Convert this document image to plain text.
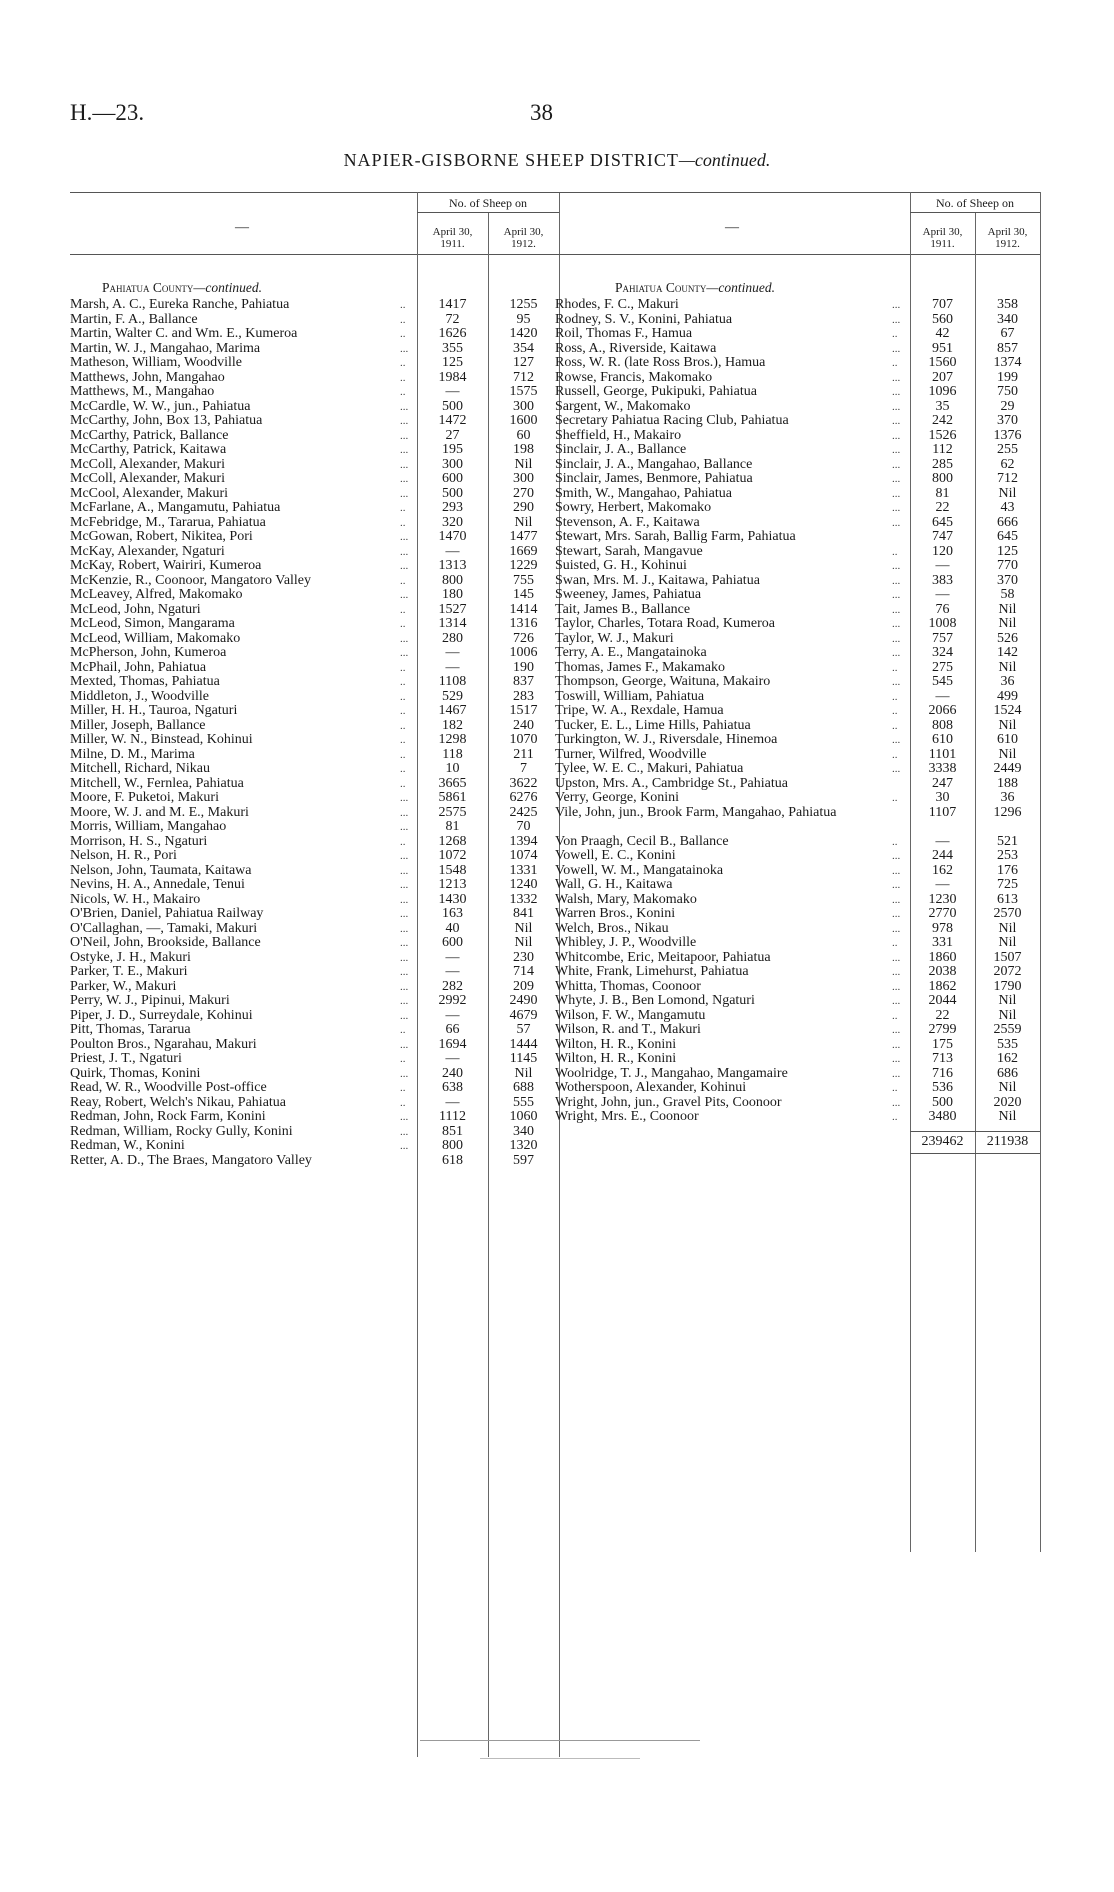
H.—23.	38
NAPIER-GISBORNE SHEEP DISTRICT—continued.
—
No. of Sheep on
April 30,
1911.
April 30,
1912.
Pahiatua County—continued.
Marsh, A. C., Eureka Ranche, Pahiatua	..	1417	1255
Martin, F. A., Ballance	..	72	95
Martin, Walter C. and Wm. E., Kumeroa	..	1626	1420
Martin, W. J., Mangahao, Marima	...	355	354
Matheson, William, Woodville	..	125	127
Matthews, John, Mangahao	..	1984	712
Matthews, M., Mangahao	..	—	1575
McCardle, W. W., jun., Pahiatua	...	500	300
McCarthy, John, Box 13, Pahiatua	...	1472	1600
McCarthy, Patrick, Ballance	...	27	60
McCarthy, Patrick, Kaitawa	...	195	198
McColl, Alexander, Makuri	...	300	Nil
McColl, Alexander, Makuri	...	600	300
McCool, Alexander, Makuri	...	500	270
McFarlane, A., Mangamutu, Pahiatua	..	293	290
McFebridge, M., Tararua, Pahiatua	..	320	Nil
McGowan, Robert, Nikitea, Pori	...	1470	1477
McKay, Alexander, Ngaturi	...	—	1669
McKay, Robert, Wairiri, Kumeroa	...	1313	1229
McKenzie, R., Coonoor, Mangatoro Valley	..	800	755
McLeavey, Alfred, Makomako	...	180	145
McLeod, John, Ngaturi	..	1527	1414
McLeod, Simon, Mangarama	..	1314	1316
McLeod, William, Makomako	...	280	726
McPherson, John, Kumeroa	...	—	1006
McPhail, John, Pahiatua	..	—	190
Mexted, Thomas, Pahiatua	..	1108	837
Middleton, J., Woodville	..	529	283
Miller, H. H., Tauroa, Ngaturi	..	1467	1517
Miller, Joseph, Ballance	..	182	240
Miller, W. N., Binstead, Kohinui	..	1298	1070
Milne, D. M., Marima	..	118	211
Mitchell, Richard, Nikau	..	10	7
Mitchell, W., Fernlea, Pahiatua	..	3665	3622
Moore, F. Puketoi, Makuri	...	5861	6276
Moore, W. J. and M. E., Makuri	...	2575	2425
Morris, William, Mangahao	...	81	70
Morrison, H. S., Ngaturi	..	1268	1394
Nelson, H. R., Pori	...	1072	1074
Nelson, John, Taumata, Kaitawa	...	1548	1331
Nevins, H. A., Annedale, Tenui	...	1213	1240
Nicols, W. H., Makairo	...	1430	1332
O'Brien, Daniel, Pahiatua Railway	...	163	841
O'Callaghan, —, Tamaki, Makuri	...	40	Nil
O'Neil, John, Brookside, Ballance	...	600	Nil
Ostyke, J. H., Makuri	...	—	230
Parker, T. E., Makuri	...	—	714
Parker, W., Makuri	...	282	209
Perry, W. J., Pipinui, Makuri	...	2992	2490
Piper, J. D., Surreydale, Kohinui	...	—	4679
Pitt, Thomas, Tararua	..	66	57
Poulton Bros., Ngarahau, Makuri	...	1694	1444
Priest, J. T., Ngaturi	..	—	1145
Quirk, Thomas, Konini	...	240	Nil
Read, W. R., Woodville Post-office	..	638	688
Reay, Robert, Welch's Nikau, Pahiatua	..	—	555
Redman, John, Rock Farm, Konini	...	1112	1060
Redman, William, Rocky Gully, Konini	...	851	340
Redman, W., Konini	...	800	1320
Retter, A. D., The Braes, Mangatoro Valley	618	597
—
No. of Sheep on
April 30,
1911.
April 30,
1912.
Pahiatua County—continued.
Rhodes, F. C., Makuri	...	707	358
Rodney, S. V., Konini, Pahiatua	...	560	340
Roil, Thomas F., Hamua	..	42	67
Ross, A., Riverside, Kaitawa	...	951	857
Ross, W. R. (late Ross Bros.), Hamua	..	1560	1374
Rowse, Francis, Makomako	...	207	199
Russell, George, Pukipuki, Pahiatua	...	1096	750
Sargent, W., Makomako	...	35	29
Secretary Pahiatua Racing Club, Pahiatua	...	242	370
Sheffield, H., Makairo	...	1526	1376
Sinclair, J. A., Ballance	...	112	255
Sinclair, J. A., Mangahao, Ballance	...	285	62
Sinclair, James, Benmore, Pahiatua	...	800	712
Smith, W., Mangahao, Pahiatua	...	81	Nil
Sowry, Herbert, Makomako	...	22	43
Stevenson, A. F., Kaitawa	...	645	666
Stewart, Mrs. Sarah, Ballig Farm, Pahiatua	747	645
Stewart, Sarah, Mangavue	..	120	125
Suisted, G. H., Kohinui	...	—	770
Swan, Mrs. M. J., Kaitawa, Pahiatua	...	383	370
Sweeney, James, Pahiatua	...	—	58
Tait, James B., Ballance	...	76	Nil
Taylor, Charles, Totara Road, Kumeroa	...	1008	Nil
Taylor, W. J., Makuri	...	757	526
Terry, A. E., Mangatainoka	...	324	142
Thomas, James F., Makamako	..	275	Nil
Thompson, George, Waituna, Makairo	...	545	36
Toswill, William, Pahiatua	..	—	499
Tripe, W. A., Rexdale, Hamua	..	2066	1524
Tucker, E. L., Lime Hills, Pahiatua	..	808	Nil
Turkington, W. J., Riversdale, Hinemoa	...	610	610
Turner, Wilfred, Woodville	..	1101	Nil
Tylee, W. E. C., Makuri, Pahiatua	...	3338	2449
Upston, Mrs. A., Cambridge St., Pahiatua	247	188
Verry, George, Konini	..	30	36
Vile, John, jun., Brook Farm, Mangahao, Pahiatua	1107	1296
Von Praagh, Cecil B., Ballance	..	—	521
Vowell, E. C., Konini	...	244	253
Vowell, W. M., Mangatainoka	...	162	176
Wall, G. H., Kaitawa	...	—	725
Walsh, Mary, Makomako	...	1230	613
Warren Bros., Konini	...	2770	2570
Welch, Bros., Nikau	...	978	Nil
Whibley, J. P., Woodville	..	331	Nil
Whitcombe, Eric, Meitapoor, Pahiatua	...	1860	1507
White, Frank, Limehurst, Pahiatua	...	2038	2072
Whitta, Thomas, Coonoor	...	1862	1790
Whyte, J. B., Ben Lomond, Ngaturi	...	2044	Nil
Wilson, F. W., Mangamutu	..	22	Nil
Wilson, R. and T., Makuri	...	2799	2559
Wilton, H. R., Konini	...	175	535
Wilton, H. R., Konini	...	713	162
Woolridge, T. J., Mangahao, Mangamaire	...	716	686
Wotherspoon, Alexander, Kohinui	..	536	Nil
Wright, John, jun., Gravel Pits, Coonoor	...	500	2020
Wright, Mrs. E., Coonoor	..	3480	Nil
239462	211938
